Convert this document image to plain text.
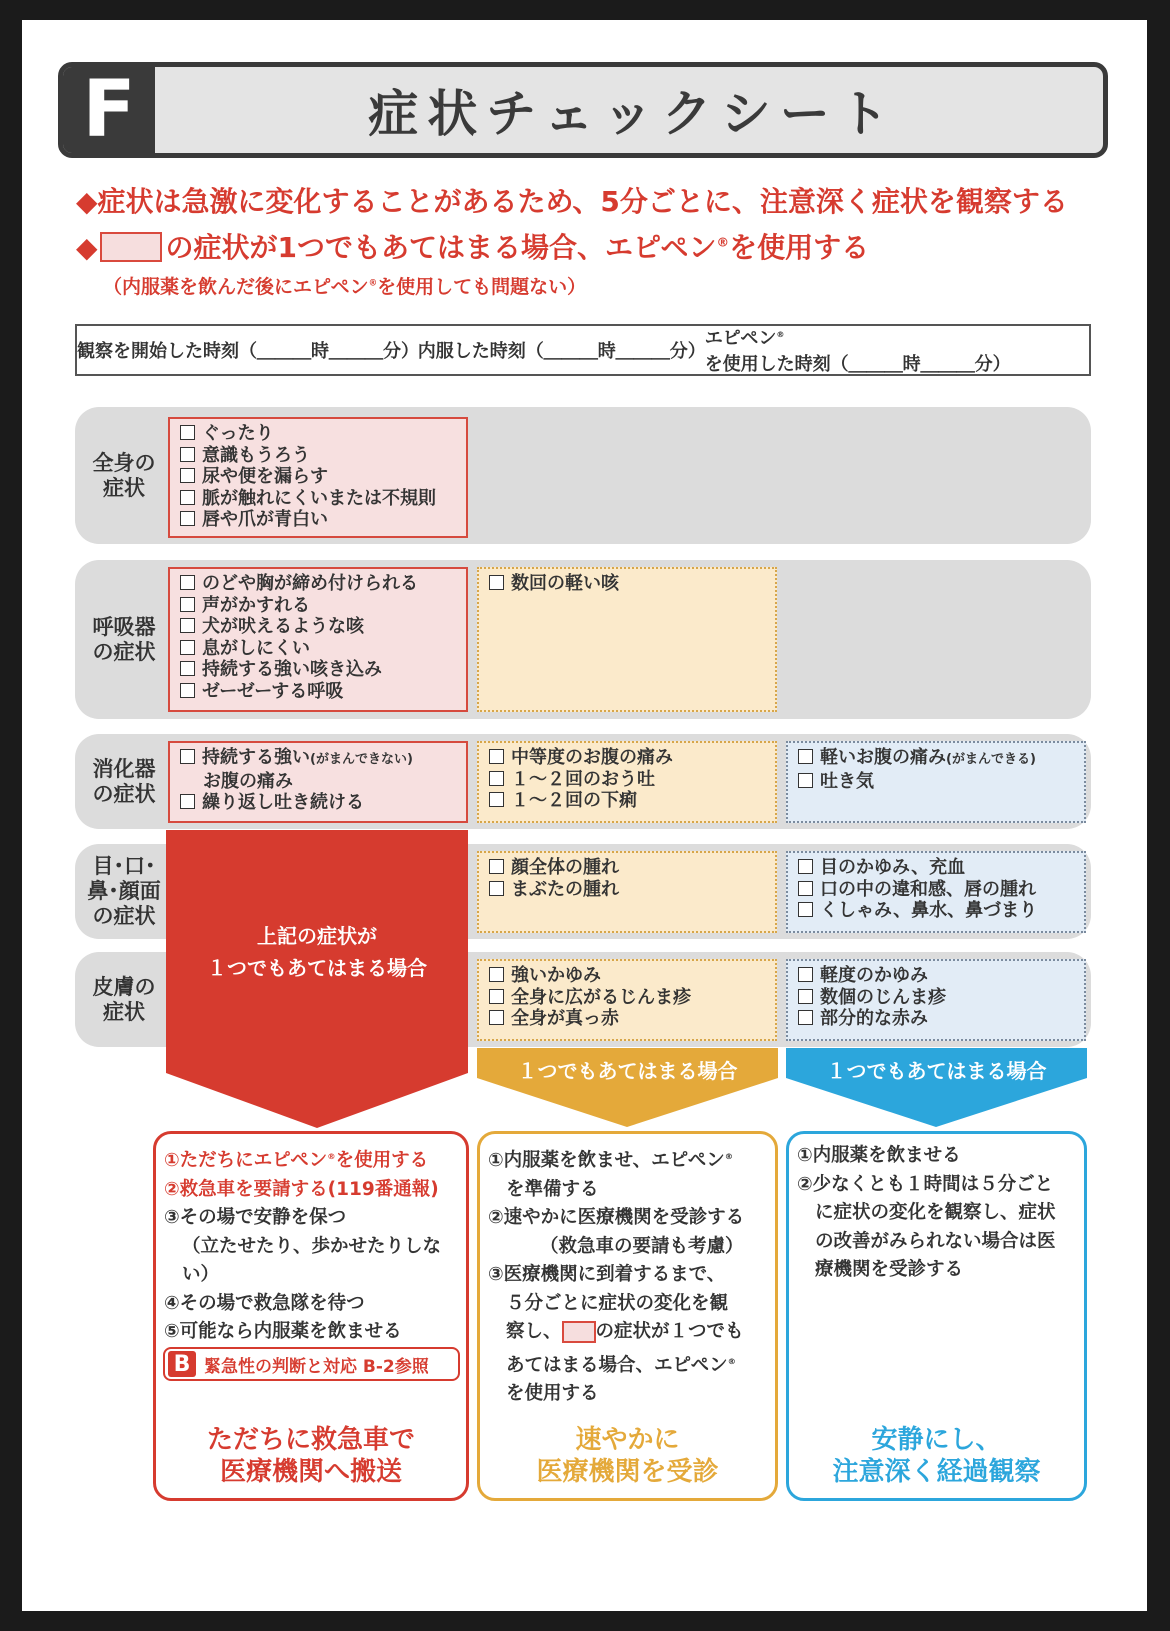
F	症状チェックシート
◆症状は急激に変化することがあるため、5分ごとに、注意深く症状を観察する
◆ の症状が1つでもあてはまる場合、エピペン®を使用する
（内服薬を飲んだ後にエピペン®を使用しても問題ない）
観察を開始した時刻（＿＿＿時＿＿＿分）
内服した時刻（＿＿＿時＿＿＿分）
エピペン®を使用した時刻（＿＿＿時＿＿＿分）
全身の
症状
呼吸器
の症状
消化器
の症状
目･口･
鼻･顔面
の症状
皮膚の
症状
ぐったり
意識もうろう
尿や便を漏らす
脈が触れにくいまたは不規則
唇や爪が青白い
のどや胸が締め付けられる
声がかすれる
犬が吠えるような咳
息がしにくい
持続する強い咳き込み
ゼーゼーする呼吸
数回の軽い咳
持続する強い(がまんできない)
お腹の痛み
繰り返し吐き続ける
中等度のお腹の痛み
１～２回のおう吐
１～２回の下痢
軽いお腹の痛み(がまんできる)
吐き気
顔全体の腫れ
まぶたの腫れ
目のかゆみ、充血
口の中の違和感、唇の腫れ
くしゃみ、鼻水、鼻づまり
強いかゆみ
全身に広がるじんま疹
全身が真っ赤
軽度のかゆみ
数個のじんま疹
部分的な赤み
上記の症状が
１つでもあてはまる場合
１つでもあてはまる場合	１つでもあてはまる場合
①ただちにエピペン®を使用する
②救急車を要請する(119番通報)
③その場で安静を保つ
（立たせたり、歩かせたりしない）
④その場で救急隊を待つ
⑤可能なら内服薬を飲ませる
ただちに救急車で
医療機関へ搬送
B 緊急性の判断と対応 B-2参照
①内服薬を飲ませ、エピペン®
を準備する
②速やかに医療機関を受診する
（救急車の要請も考慮）
③医療機関に到着するまで、
５分ごとに症状の変化を観
察し、 の症状が１つでも
あてはまる場合、エピペン®
を使用する
速やかに
医療機関を受診
①内服薬を飲ませる
②少なくとも１時間は５分ごと
に症状の変化を観察し、症状
の改善がみられない場合は医
療機関を受診する
安静にし、
注意深く経過観察
